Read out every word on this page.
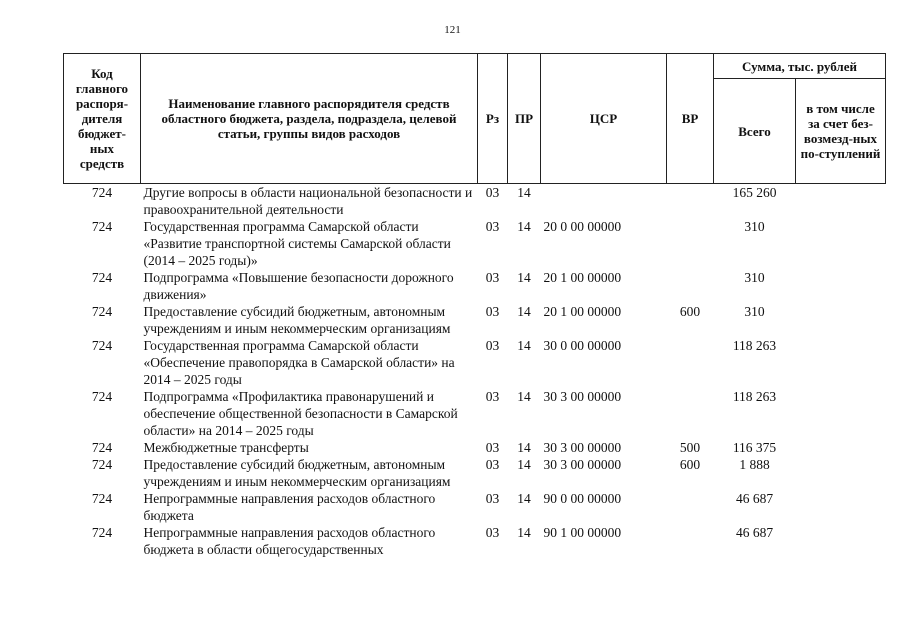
121
Код главного распоря-дителя бюджет-ных средств	Наименование главного распорядителя средств областного бюджета, раздела, подраздела, целевой статьи, группы видов расходов	Рз	ПР	ЦСР	ВР	Сумма, тыс. рублей	
						Всего	в том числе за счет без-возмезд-ных по-ступлений
724	Другие вопросы в области национальной безопасности и правоохранительной деятельности	03	14			165 260	
724	Государственная программа Самарской области «Развитие транспортной системы Самарской области (2014 – 2025 годы)»	03	14	20 0 00 00000		310	
724	Подпрограмма «Повышение безопасности дорожного движения»	03	14	20 1 00 00000		310	
724	Предоставление субсидий бюджетным, автономным учреждениям и иным некоммерческим организациям	03	14	20 1 00 00000	600	310	
724	Государственная программа Самарской области «Обеспечение правопорядка в Самарской области» на 2014 – 2025 годы	03	14	30 0 00 00000		118 263	
724	Подпрограмма «Профилактика правонарушений и обеспечение общественной безопасности в Самарской области» на 2014 – 2025 годы	03	14	30 3 00 00000		118 263	
724	Межбюджетные трансферты	03	14	30 3 00 00000	500	116 375	
724	Предоставление субсидий бюджетным, автономным учреждениям и иным некоммерческим организациям	03	14	30 3 00 00000	600	1 888	
724	Непрограммные направления расходов областного бюджета	03	14	90 0 00 00000		46 687	
724	Непрограммные направления расходов областного бюджета в области общегосударственных	03	14	90 1 00 00000		46 687	
